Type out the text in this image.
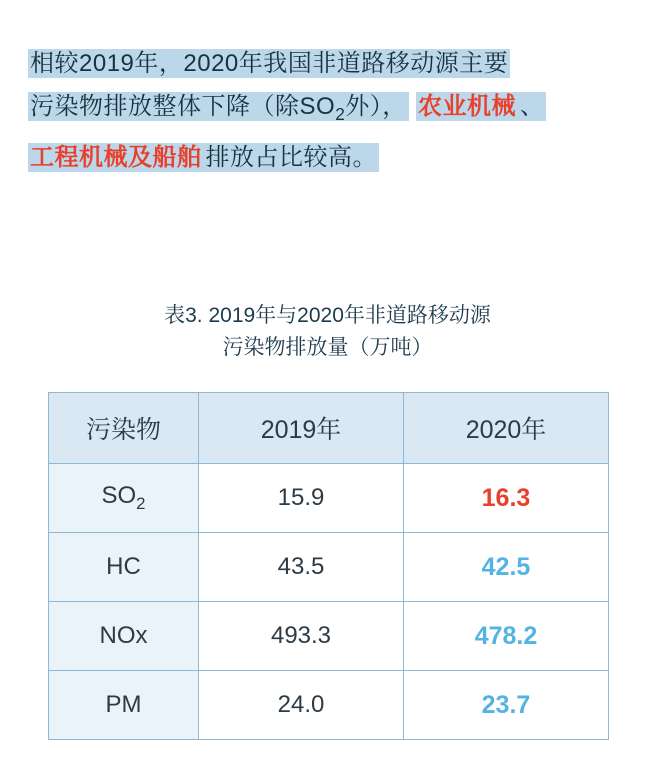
相较2019年，2020年我国非道路移动源主要
污染物排放整体下降（除$SO_2$外）， 农业机械 、
工程机械及船舶 排放占比较高。
表3. 2019年与2020年非道路移动源
污染物排放量（万吨）
污染物	2019年	2020年
$SO_2$	15.9	16.3
HC	43.5	42.5
NOx	493.3	478.2
PM	24.0	23.7
